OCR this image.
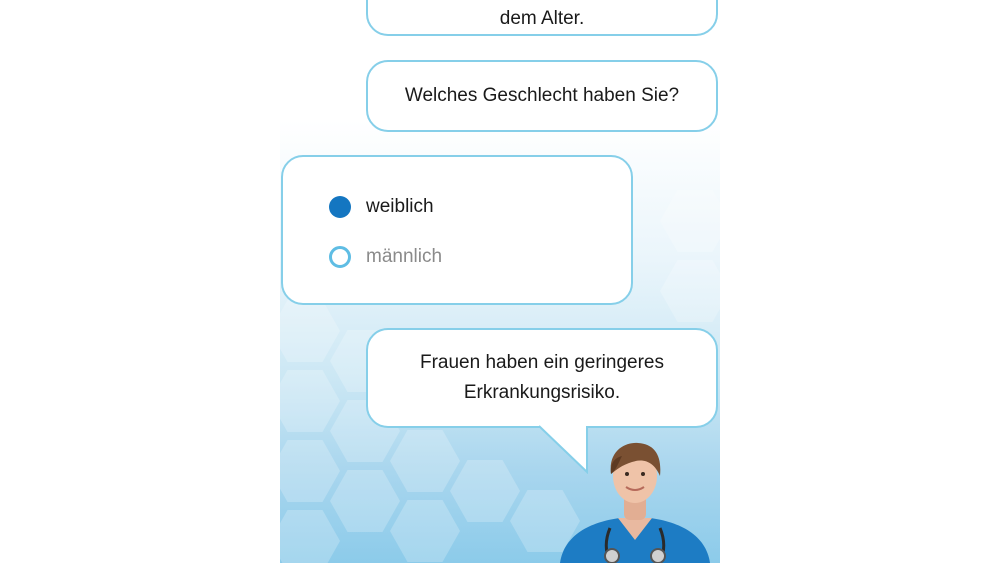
dem Alter.
Welches Geschlecht haben Sie?
weiblich
männlich
Frauen haben ein geringeres
Erkrankungsrisiko.
